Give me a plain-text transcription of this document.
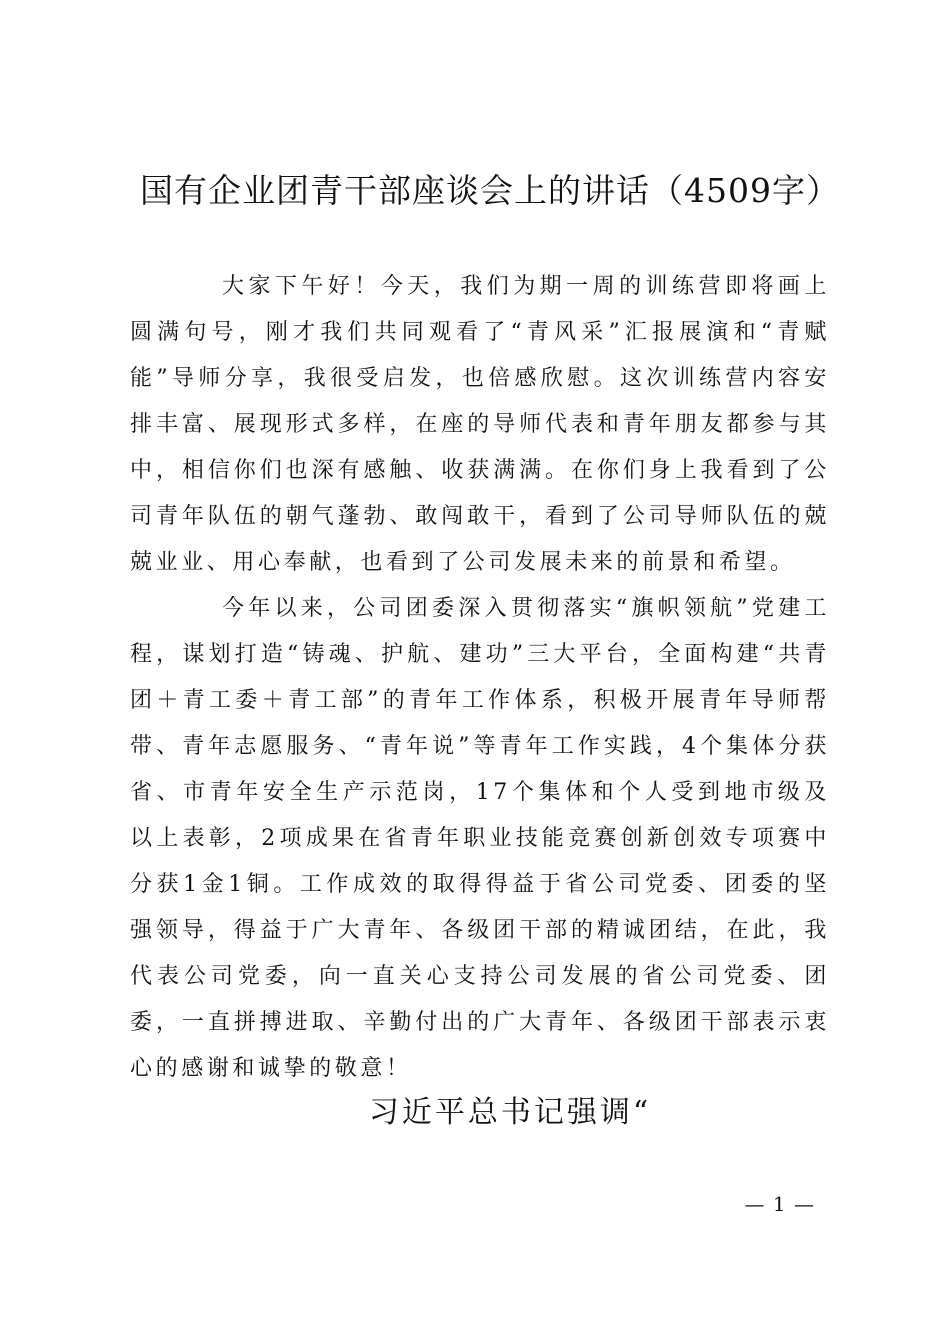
国有企业团青干部座谈会上的讲话（4509字）

大家下午好！今天，我们为期一周的训练营即将画上圆满句号，刚才我们共同观看了“青风采”汇报展演和“青赋能”导师分享，我很受启发，也倍感欣慰。这次训练营内容安排丰富、展现形式多样，在座的导师代表和青年朋友都参与其中，相信你们也深有感触、收获满满。在你们身上我看到了公司青年队伍的朝气蓬勃、敢闯敢干，看到了公司导师队伍的兢兢业业、用心奉献，也看到了公司发展未来的前景和希望。

今年以来，公司团委深入贯彻落实“旗帜领航”党建工程，谋划打造“铸魂、护航、建功”三大平台，全面构建“共青团＋青工委＋青工部”的青年工作体系，积极开展青年导师帮带、青年志愿服务、“青年说”等青年工作实践，4个集体分获省、市青年安全生产示范岗，17个集体和个人受到地市级及以上表彰，2项成果在省青年职业技能竞赛创新创效专项赛中分获1金1铜。工作成效的取得得益于省公司党委、团委的坚强领导，得益于广大青年、各级团干部的精诚团结，在此，我代表公司党委，向一直关心支持公司发展的省公司党委、团委，一直拼搏进取、辛勤付出的广大青年、各级团干部表示衷心的感谢和诚挚的敬意！

习近平总书记强调“
— 1 —
